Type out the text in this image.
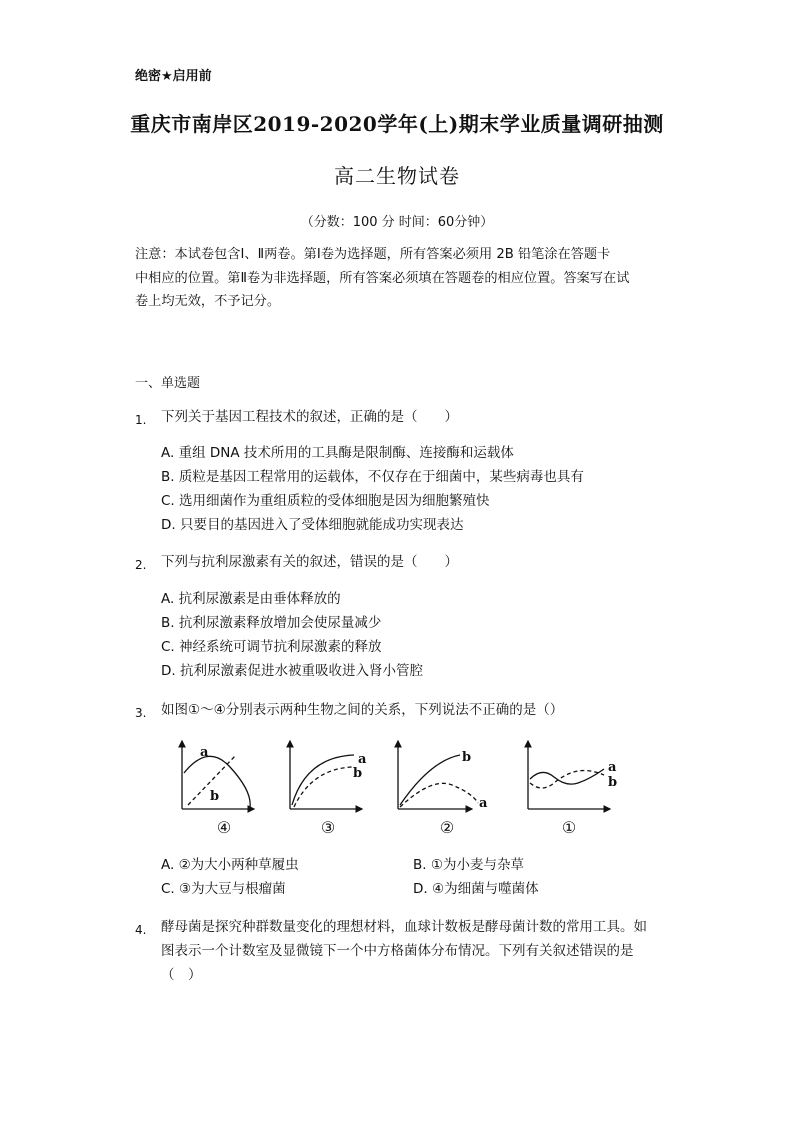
绝密★启用前
重庆市南岸区2019-2020学年(上)期末学业质量调研抽测
高二生物试卷
（分数：100 分 时间：60分钟）
注意：本试卷包含Ⅰ、Ⅱ两卷。第Ⅰ卷为选择题，所有答案必须用 2B 铅笔涂在答题卡
中相应的位置。第Ⅱ卷为非选择题，所有答案必须填在答题卷的相应位置。答案写在试
卷上均无效，不予记分。
一、单选题
1. 下列关于基因工程技术的叙述，正确的是（　　）
A. 重组 DNA 技术所用的工具酶是限制酶、连接酶和运载体
B. 质粒是基因工程常用的运载体，不仅存在于细菌中，某些病毒也具有
C. 选用细菌作为重组质粒的受体细胞是因为细胞繁殖快
D. 只要目的基因进入了受体细胞就能成功实现表达
2. 下列与抗利尿激素有关的叙述，错误的是（　　）
A. 抗利尿激素是由垂体释放的
B. 抗利尿激素释放增加会使尿量减少
C. 神经系统可调节抗利尿激素的释放
D. 抗利尿激素促进水被重吸收进入肾小管腔
3. 如图①～④分别表示两种生物之间的关系，下列说法不正确的是（）
a
b
a
b
b
a
a
b
④	③	②	①
A. ②为大小两种草履虫	B. ①为小麦与杂草
C. ③为大豆与根瘤菌	D. ④为细菌与噬菌体
4. 酵母菌是探究种群数量变化的理想材料，血球计数板是酵母菌计数的常用工具。如
图表示一个计数室及显微镜下一个中方格菌体分布情况。下列有关叙述错误的是
（　）
